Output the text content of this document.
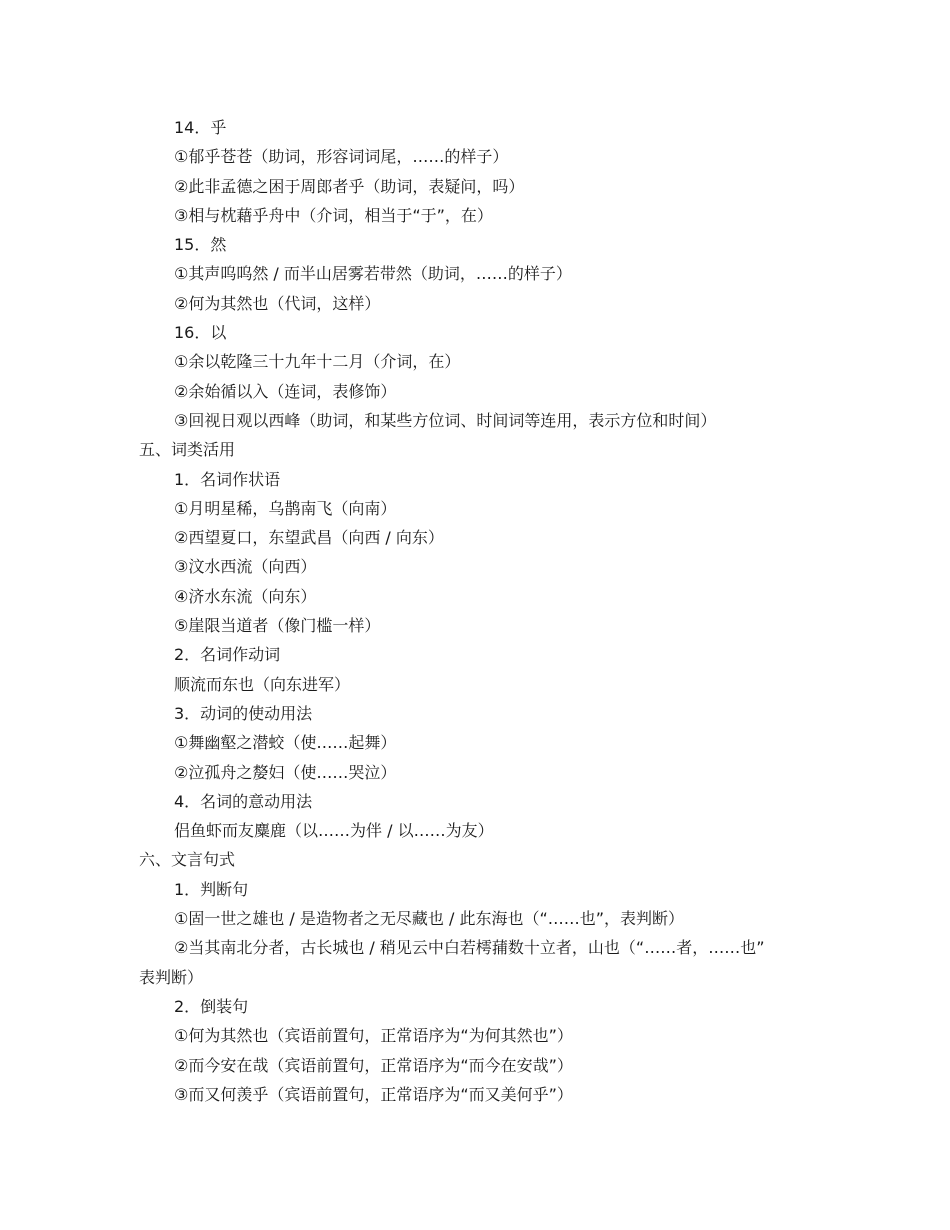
14．乎
①郁乎苍苍（助词，形容词词尾，……的样子）
②此非孟德之困于周郎者乎（助词，表疑问，吗）
③相与枕藉乎舟中（介词，相当于“于”，在）
15．然
①其声呜呜然 / 而半山居雾若带然（助词，……的样子）
②何为其然也（代词，这样）
16．以
①余以乾隆三十九年十二月（介词，在）
②余始循以入（连词，表修饰）
③回视日观以西峰（助词，和某些方位词、时间词等连用，表示方位和时间）
五、词类活用
1．名词作状语
①月明星稀，乌鹊南飞（向南）
②西望夏口，东望武昌（向西 / 向东）
③汶水西流（向西）
④济水东流（向东）
⑤崖限当道者（像门槛一样）
2．名词作动词
顺流而东也（向东进军）
3．动词的使动用法
①舞幽壑之潜蛟（使……起舞）
②泣孤舟之嫠妇（使……哭泣）
4．名词的意动用法
侣鱼虾而友麋鹿（以……为伴 / 以……为友）
六、文言句式
1．判断句
①固一世之雄也 / 是造物者之无尽藏也 / 此东海也（“……也”，表判断）
②当其南北分者，古长城也 / 稍见云中白若樗蒱数十立者，山也（“……者，……也”
表判断）
2．倒装句
①何为其然也（宾语前置句，正常语序为“为何其然也”）
②而今安在哉（宾语前置句，正常语序为“而今在安哉”）
③而又何羡乎（宾语前置句，正常语序为“而又美何乎”）
